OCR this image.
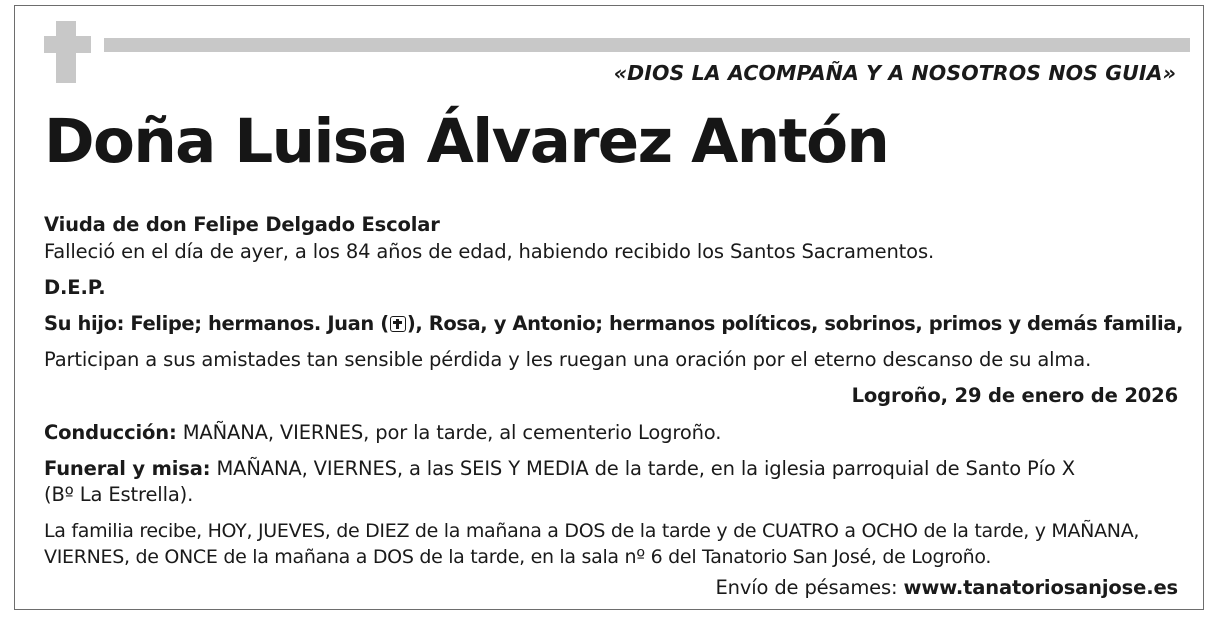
«DIOS LA ACOMPAÑA Y A NOSOTROS NOS GUIA»
Doña Luisa Álvarez Antón
Viuda de don Felipe Delgado Escolar
Falleció en el día de ayer, a los 84 años de edad, habiendo recibido los Santos Sacramentos.
D.E.P.
Su hijo: Felipe; hermanos. Juan ( ), Rosa, y Antonio; hermanos políticos, sobrinos, primos y demás familia,
Participan a sus amistades tan sensible pérdida y les ruegan una oración por el eterno descanso de su alma.
Logroño, 29 de enero de 2026
Conducción: MAÑANA, VIERNES, por la tarde, al cementerio Logroño.
Funeral y misa: MAÑANA, VIERNES, a las SEIS Y MEDIA de la tarde, en la iglesia parroquial de Santo Pío X
(Bº La Estrella).
La familia recibe, HOY, JUEVES, de DIEZ de la mañana a DOS de la tarde y de CUATRO a OCHO de la tarde, y MAÑANA,
VIERNES, de ONCE de la mañana a DOS de la tarde, en la sala nº 6 del Tanatorio San José, de Logroño.
Envío de pésames: www.tanatoriosanjose.es
